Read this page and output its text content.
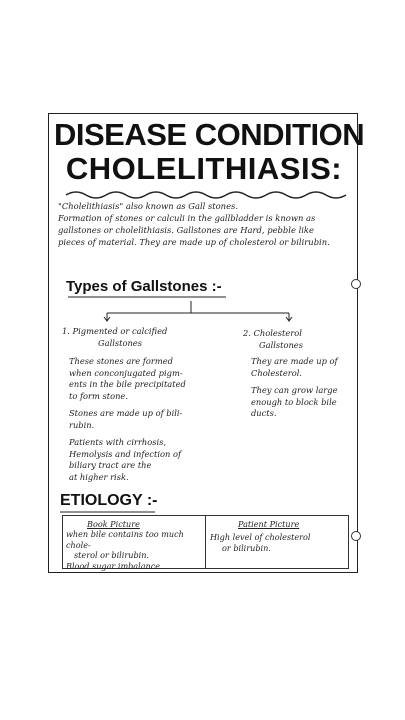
DISEASE CONDITION
CHOLELITHIASIS:
"Cholelithiasis" also known as Gall stones.
Formation of stones or calculi in the gallbladder is known as
gallstones or cholelithiasis. Gallstones are Hard, pebble like
pieces of material. They are made up of cholesterol or bilirubin.
Types of Gallstones :-
1. Pigmented or calcified
Gallstones

These stones are formed
when conconjugated pigm-
ents in the bile precipitated
to form stone.

Stones are made up of bili-
rubin.

Patients with cirrhosis,
Hemolysis and infection of
biliary tract are the
at higher risk.

2. Cholesterol
Gallstones

They are made up of
Cholesterol.

They can grow large
enough to block bile
ducts.

ETIOLOGY :-
Book Picture	Patient Picture
when bile contains too much chole-
sterol or bilirubin.
Blood sugar imbalance.
High level of cholesterol
or bilirubin.
